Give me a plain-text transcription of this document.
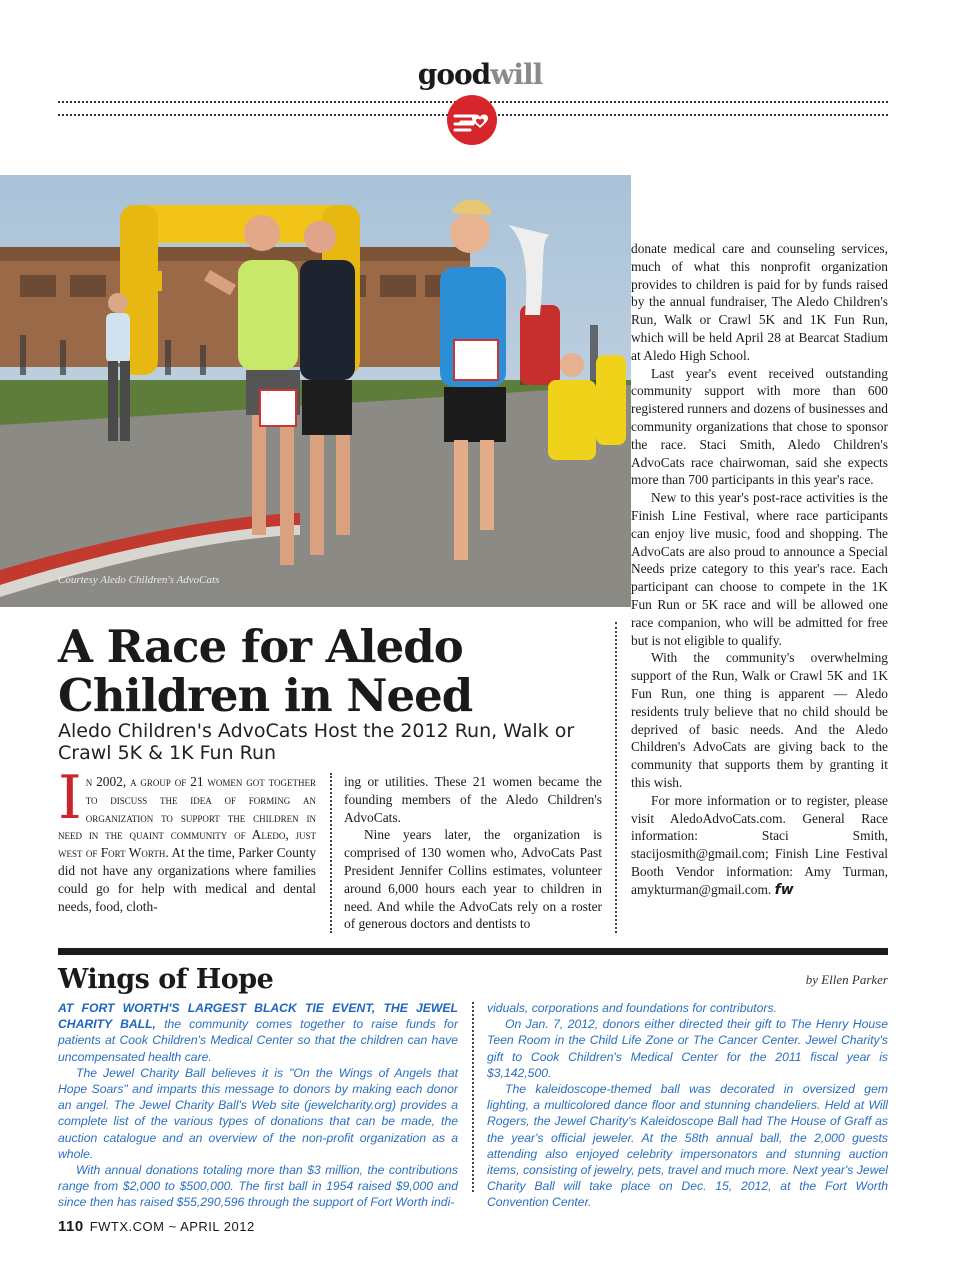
goodwill
Courtesy Aledo Children's AdvoCats
A Race for Aledo
Children in Need

Aledo Children's AdvoCats Host the 2012 Run, Walk or Crawl 5K & 1K Fun Run

In 2002, a group of 21 women got together to discuss the idea of forming an organization to support the children in need in the quaint community of Aledo, just west of Fort Worth. At the time, Parker County did not have any organizations where families could go for help with medical and dental needs, food, cloth-

ing or utilities. These 21 women became the founding members of the Aledo Children's AdvoCats.

Nine years later, the organization is comprised of 130 women who, AdvoCats Past President Jennifer Collins estimates, volunteer around 6,000 hours each year to children in need. And while the AdvoCats rely on a roster of generous doctors and dentists to

donate medical care and counseling services, much of what this nonprofit organization provides to children is paid for by funds raised by the annual fundraiser, The Aledo Children's Run, Walk or Crawl 5K and 1K Fun Run, which will be held April 28 at Bearcat Stadium at Aledo High School.

Last year's event received outstanding community support with more than 600 registered runners and dozens of businesses and community organizations that chose to sponsor the race. Staci Smith, Aledo Children's AdvoCats race chairwoman, said she expects more than 700 participants in this year's race.

New to this year's post-race activities is the Finish Line Festival, where race participants can enjoy live music, food and shopping. The AdvoCats are also proud to announce a Special Needs prize category to this year's race. Each participant can choose to compete in the 1K Fun Run or 5K race and will be allowed one race companion, who will be admitted for free but is not eligible to qualify.

With the community's overwhelming support of the Run, Walk or Crawl 5K and 1K Fun Run, one thing is apparent — Aledo residents truly believe that no child should be deprived of basic needs. And the Aledo Children's AdvoCats are giving back to the community that supports them by granting it this wish.

For more information or to register, please visit AledoAdvoCats.com. General Race information: Staci Smith, stacijosmith@gmail.com; Finish Line Festival Booth Vendor information: Amy Turman, amykturman@gmail.com. fw

Wings of Hope	by Ellen Parker

AT FORT WORTH'S LARGEST BLACK TIE EVENT, THE JEWEL CHARITY BALL, the community comes together to raise funds for patients at Cook Children's Medical Center so that the children can have uncompensated health care.

The Jewel Charity Ball believes it is "On the Wings of Angels that Hope Soars" and imparts this message to donors by making each donor an angel. The Jewel Charity Ball's Web site (jewelcharity.org) provides a complete list of the various types of donations that can be made, the auction catalogue and an overview of the non-profit organization as a whole.

With annual donations totaling more than $3 million, the contributions range from $2,000 to $500,000. The first ball in 1954 raised $9,000 and since then has raised $55,290,596 through the support of Fort Worth indi-

viduals, corporations and foundations for contributors.

On Jan. 7, 2012, donors either directed their gift to The Henry House Teen Room in the Child Life Zone or The Cancer Center. Jewel Charity's gift to Cook Children's Medical Center for the 2011 fiscal year is $3,142,500.

The kaleidoscope-themed ball was decorated in oversized gem lighting, a multicolored dance floor and stunning chandeliers. Held at Will Rogers, the Jewel Charity's Kaleidoscope Ball had The House of Graff as the year's official jeweler. At the 58th annual ball, the 2,000 guests attending also enjoyed celebrity impersonators and stunning auction items, consisting of jewelry, pets, travel and much more. Next year's Jewel Charity Ball will take place on Dec. 15, 2012, at the Fort Worth Convention Center.

110 FWTX.COM ~ APRIL 2012
